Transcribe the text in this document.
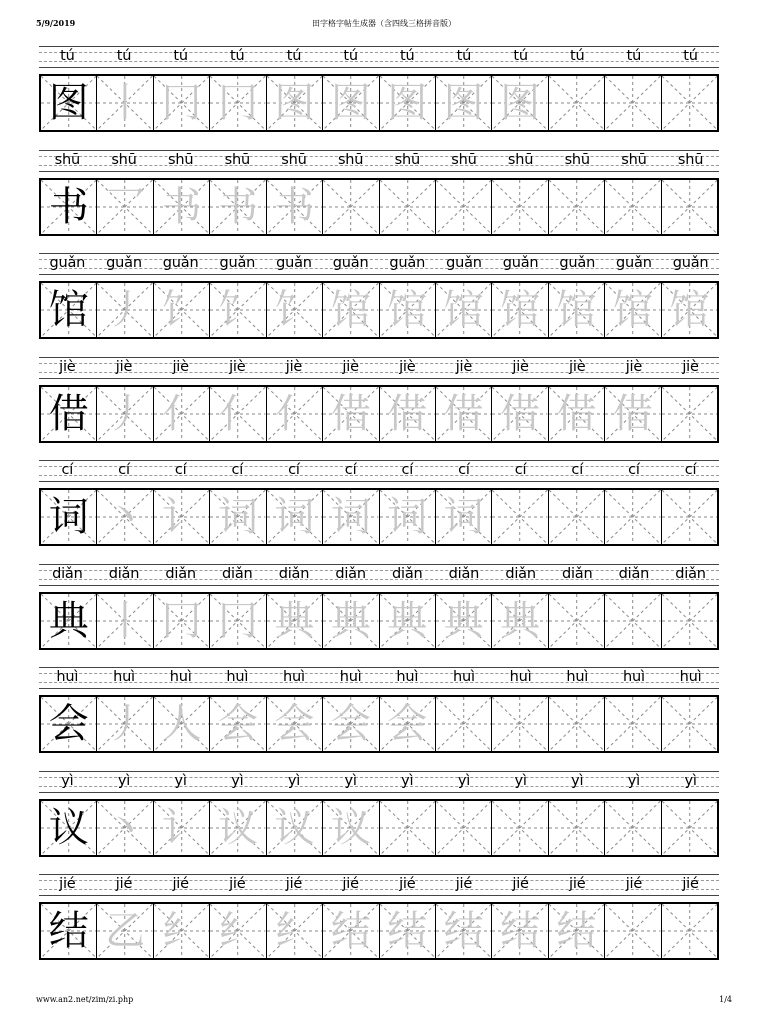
5/9/2019	田字格字帖生成器（含四线三格拼音版）
tú	tú	tú	tú	tú	tú	tú	tú	tú	tú	tú	tú
图 丨 冂 冂 图 图 图 图 图
shū	shū	shū	shū	shū	shū	shū	shū	shū	shū	shū	shū
书 乛 书 书 书
guǎn	guǎn	guǎn	guǎn	guǎn	guǎn	guǎn	guǎn	guǎn	guǎn	guǎn	guǎn
馆 丿 饣 饣 饣 馆 馆 馆 馆 馆 馆 馆
jiè	jiè	jiè	jiè	jiè	jiè	jiè	jiè	jiè	jiè	jiè	jiè
借 丿 亻 亻 亻 借 借 借 借 借 借
cí	cí	cí	cí	cí	cí	cí	cí	cí	cí	cí	cí
词 丶 讠 词 词 词 词 词
diǎn	diǎn	diǎn	diǎn	diǎn	diǎn	diǎn	diǎn	diǎn	diǎn	diǎn	diǎn
典 丨 冂 冂 典 典 典 典 典
huì	huì	huì	huì	huì	huì	huì	huì	huì	huì	huì	huì
会 丿 人 会 会 会 会
yì	yì	yì	yì	yì	yì	yì	yì	yì	yì	yì	yì
议 丶 讠 议 议 议
jié	jié	jié	jié	jié	jié	jié	jié	jié	jié	jié	jié
结 乙 纟 纟 纟 结 结 结 结 结
www.an2.net/zim/zi.php	1/4
